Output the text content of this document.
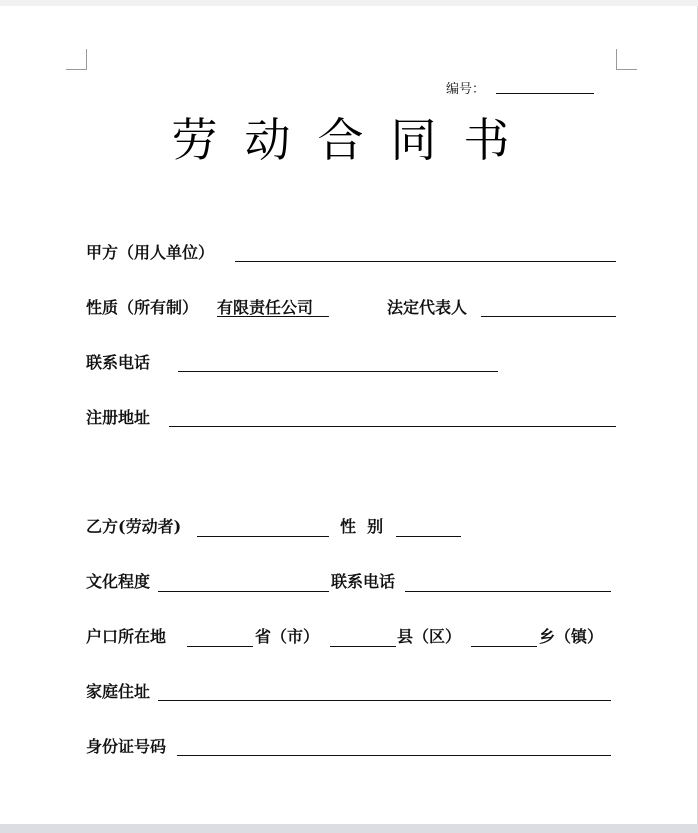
编号：
劳动合同书
甲方（用人单位）
性质（所有制） 有限责任公司	法定代表人
联系电话
注册地址
乙方(劳动者)	性  别
文化程度	联系电话
户口所在地	省（市）	县（区）	乡（镇）
家庭住址
身份证号码
